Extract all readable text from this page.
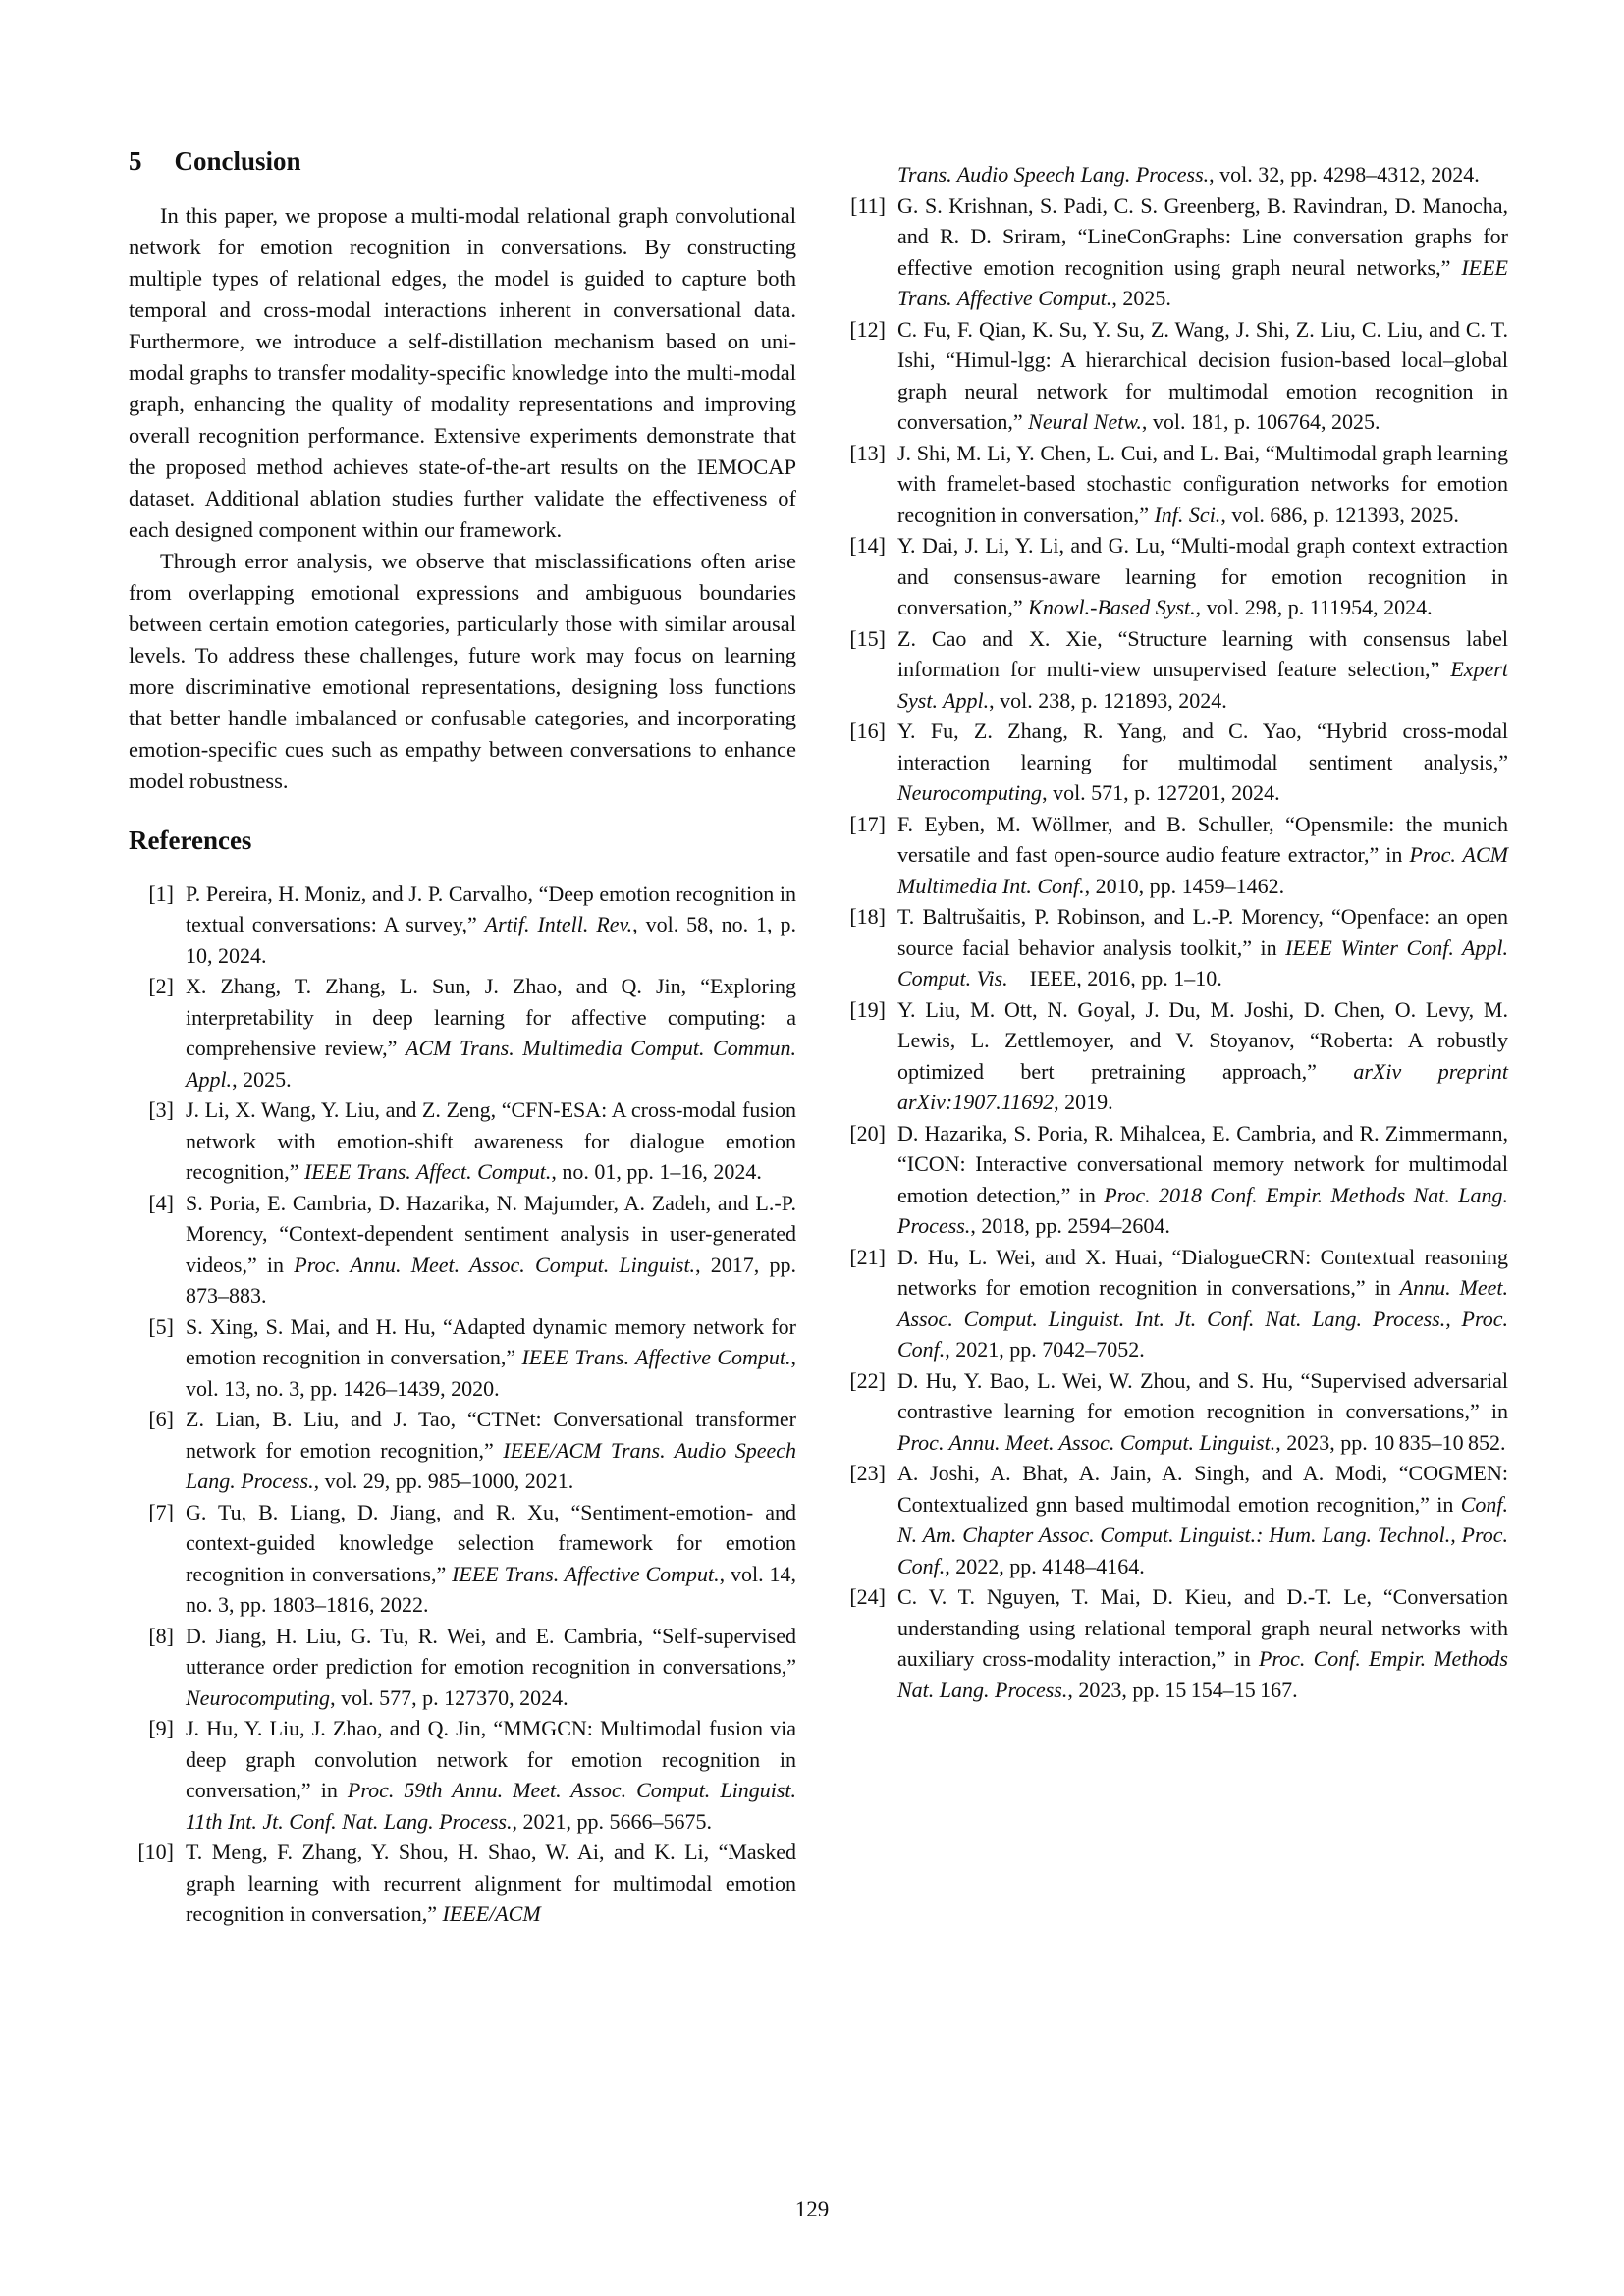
5 Conclusion

In this paper, we propose a multi-modal relational graph convolutional network for emotion recognition in conversations. By constructing multiple types of relational edges, the model is guided to capture both temporal and cross-modal interactions inherent in conversational data. Furthermore, we introduce a self-distillation mechanism based on uni-modal graphs to transfer modality-specific knowledge into the multi-modal graph, enhancing the quality of modality representations and improving overall recognition performance. Extensive experiments demonstrate that the proposed method achieves state-of-the-art results on the IEMOCAP dataset. Additional ablation studies further validate the effectiveness of each designed component within our framework.

Through error analysis, we observe that misclassifications often arise from overlapping emotional expressions and ambiguous boundaries between certain emotion categories, particularly those with similar arousal levels. To address these challenges, future work may focus on learning more discriminative emotional representations, designing loss functions that better handle imbalanced or confusable categories, and incorporating emotion-specific cues such as empathy between conversations to enhance model robustness.

References
[1] P. Pereira, H. Moniz, and J. P. Carvalho, “Deep emotion recognition in textual conversations: A survey,” Artif. Intell. Rev., vol. 58, no. 1, p. 10, 2024.
[2] X. Zhang, T. Zhang, L. Sun, J. Zhao, and Q. Jin, “Exploring interpretability in deep learning for affective computing: a comprehensive review,” ACM Trans. Multimedia Comput. Commun. Appl., 2025.
[3] J. Li, X. Wang, Y. Liu, and Z. Zeng, “CFN-ESA: A cross-modal fusion network with emotion-shift awareness for dialogue emotion recognition,” IEEE Trans. Affect. Comput., no. 01, pp. 1–16, 2024.
[4] S. Poria, E. Cambria, D. Hazarika, N. Majumder, A. Zadeh, and L.-P. Morency, “Context-dependent sentiment analysis in user-generated videos,” in Proc. Annu. Meet. Assoc. Comput. Linguist., 2017, pp. 873–883.
[5] S. Xing, S. Mai, and H. Hu, “Adapted dynamic memory network for emotion recognition in conversation,” IEEE Trans. Affective Comput., vol. 13, no. 3, pp. 1426–1439, 2020.
[6] Z. Lian, B. Liu, and J. Tao, “CTNet: Conversational transformer network for emotion recognition,” IEEE/ACM Trans. Audio Speech Lang. Process., vol. 29, pp. 985–1000, 2021.
[7] G. Tu, B. Liang, D. Jiang, and R. Xu, “Sentiment-emotion- and context-guided knowledge selection framework for emotion recognition in conversations,” IEEE Trans. Affective Comput., vol. 14, no. 3, pp. 1803–1816, 2022.
[8] D. Jiang, H. Liu, G. Tu, R. Wei, and E. Cambria, “Self-supervised utterance order prediction for emotion recognition in conversations,” Neurocomputing, vol. 577, p. 127370, 2024.
[9] J. Hu, Y. Liu, J. Zhao, and Q. Jin, “MMGCN: Multimodal fusion via deep graph convolution network for emotion recognition in conversation,” in Proc. 59th Annu. Meet. Assoc. Comput. Linguist. 11th Int. Jt. Conf. Nat. Lang. Process., 2021, pp. 5666–5675.
[10] T. Meng, F. Zhang, Y. Shou, H. Shao, W. Ai, and K. Li, “Masked graph learning with recurrent alignment for multimodal emotion recognition in conversation,” IEEE/ACM
Trans. Audio Speech Lang. Process., vol. 32, pp. 4298–4312, 2024.
[11] G. S. Krishnan, S. Padi, C. S. Greenberg, B. Ravindran, D. Manocha, and R. D. Sriram, “LineConGraphs: Line conversation graphs for effective emotion recognition using graph neural networks,” IEEE Trans. Affective Comput., 2025.
[12] C. Fu, F. Qian, K. Su, Y. Su, Z. Wang, J. Shi, Z. Liu, C. Liu, and C. T. Ishi, “Himul-lgg: A hierarchical decision fusion-based local–global graph neural network for multimodal emotion recognition in conversation,” Neural Netw., vol. 181, p. 106764, 2025.
[13] J. Shi, M. Li, Y. Chen, L. Cui, and L. Bai, “Multimodal graph learning with framelet-based stochastic configuration networks for emotion recognition in conversation,” Inf. Sci., vol. 686, p. 121393, 2025.
[14] Y. Dai, J. Li, Y. Li, and G. Lu, “Multi-modal graph context extraction and consensus-aware learning for emotion recognition in conversation,” Knowl.-Based Syst., vol. 298, p. 111954, 2024.
[15] Z. Cao and X. Xie, “Structure learning with consensus label information for multi-view unsupervised feature selection,” Expert Syst. Appl., vol. 238, p. 121893, 2024.
[16] Y. Fu, Z. Zhang, R. Yang, and C. Yao, “Hybrid cross-modal interaction learning for multimodal sentiment analysis,” Neurocomputing, vol. 571, p. 127201, 2024.
[17] F. Eyben, M. Wöllmer, and B. Schuller, “Opensmile: the munich versatile and fast open-source audio feature extractor,” in Proc. ACM Multimedia Int. Conf., 2010, pp. 1459–1462.
[18] T. Baltrušaitis, P. Robinson, and L.-P. Morency, “Openface: an open source facial behavior analysis toolkit,” in IEEE Winter Conf. Appl. Comput. Vis. IEEE, 2016, pp. 1–10.
[19] Y. Liu, M. Ott, N. Goyal, J. Du, M. Joshi, D. Chen, O. Levy, M. Lewis, L. Zettlemoyer, and V. Stoyanov, “Roberta: A robustly optimized bert pretraining approach,” arXiv preprint arXiv:1907.11692, 2019.
[20] D. Hazarika, S. Poria, R. Mihalcea, E. Cambria, and R. Zimmermann, “ICON: Interactive conversational memory network for multimodal emotion detection,” in Proc. 2018 Conf. Empir. Methods Nat. Lang. Process., 2018, pp. 2594–2604.
[21] D. Hu, L. Wei, and X. Huai, “DialogueCRN: Contextual reasoning networks for emotion recognition in conversations,” in Annu. Meet. Assoc. Comput. Linguist. Int. Jt. Conf. Nat. Lang. Process., Proc. Conf., 2021, pp. 7042–7052.
[22] D. Hu, Y. Bao, L. Wei, W. Zhou, and S. Hu, “Supervised adversarial contrastive learning for emotion recognition in conversations,” in Proc. Annu. Meet. Assoc. Comput. Linguist., 2023, pp. 10 835–10 852.
[23] A. Joshi, A. Bhat, A. Jain, A. Singh, and A. Modi, “COGMEN: Contextualized gnn based multimodal emotion recognition,” in Conf. N. Am. Chapter Assoc. Comput. Linguist.: Hum. Lang. Technol., Proc. Conf., 2022, pp. 4148–4164.
[24] C. V. T. Nguyen, T. Mai, D. Kieu, and D.-T. Le, “Conversation understanding using relational temporal graph neural networks with auxiliary cross-modality interaction,” in Proc. Conf. Empir. Methods Nat. Lang. Process., 2023, pp. 15 154–15 167.
129
